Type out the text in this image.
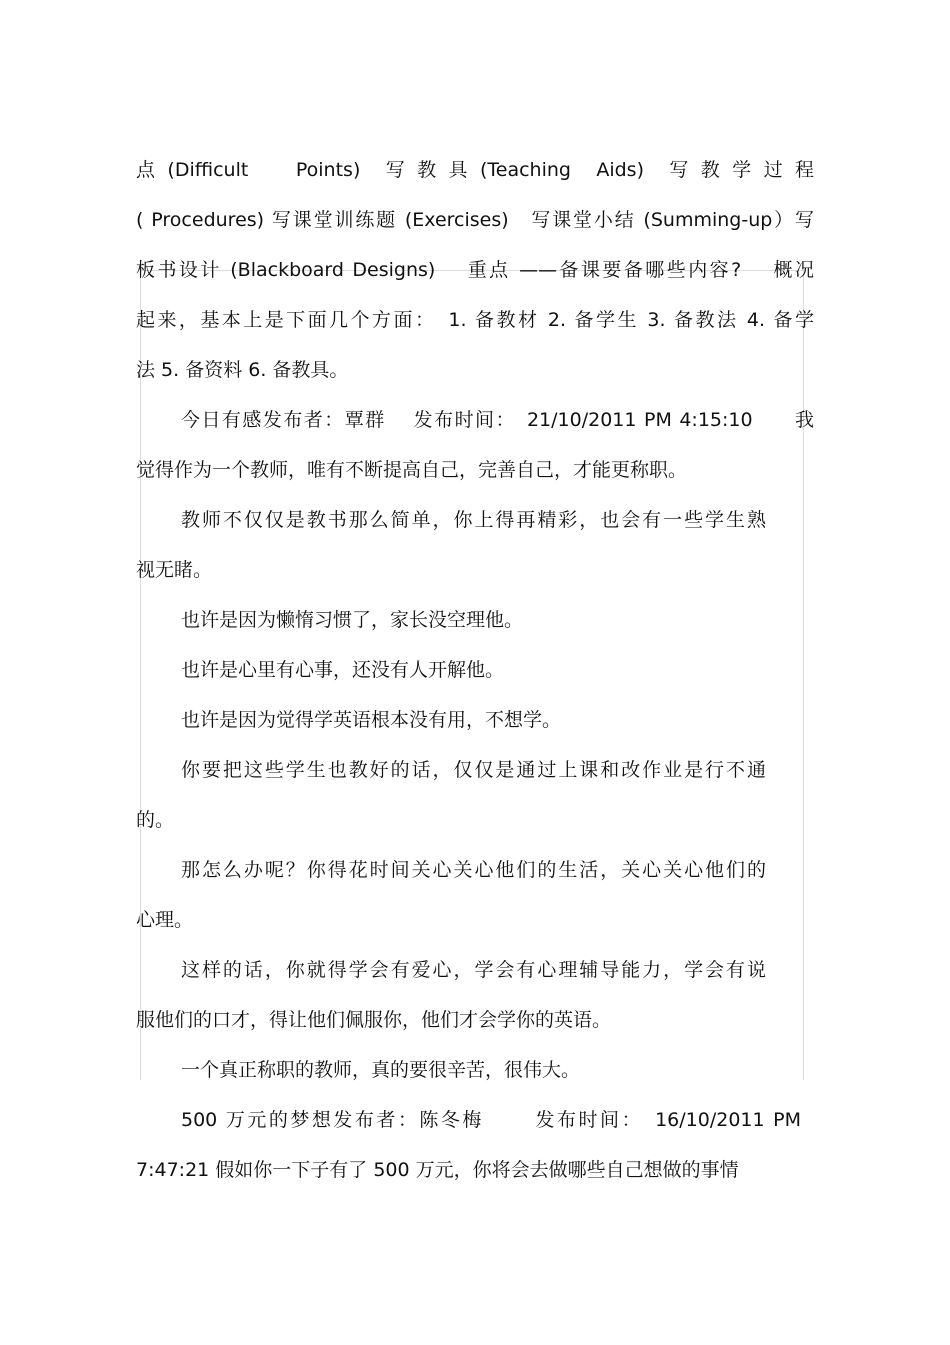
点 (Difficult　　Points)　写 教 具 (Teaching　Aids)　写 教 学 过 程
( Procedures) 写课堂训练题 (Exercises)　写课堂小结 (Summing-up）写
板书设计 (Blackboard Designs)　 重点 ——备课要备哪些内容?　 概况
起来，基本上是下面几个方面：　1. 备教材 2. 备学生 3. 备教法 4. 备学
法 5. 备资料 6. 备教具。
今日有感发布者：覃群　 发布时间：　21/10/2011 PM 4:15:10　　我
觉得作为一个教师，唯有不断提高自己，完善自己，才能更称职。
教师不仅仅是教书那么简单，你上得再精彩，也会有一些学生熟
视无睹。
也许是因为懒惰习惯了，家长没空理他。
也许是心里有心事，还没有人开解他。
也许是因为觉得学英语根本没有用，不想学。
你要把这些学生也教好的话，仅仅是通过上课和改作业是行不通
的。
那怎么办呢？你得花时间关心关心他们的生活，关心关心他们的
心理。
这样的话，你就得学会有爱心，学会有心理辅导能力，学会有说
服他们的口才，得让他们佩服你，他们才会学你的英语。
一个真正称职的教师，真的要很辛苦，很伟大。
500 万元的梦想发布者：陈冬梅　　 发布时间：　16/10/2011 PM
7:47:21 假如你一下子有了 500 万元，你将会去做哪些自己想做的事情
